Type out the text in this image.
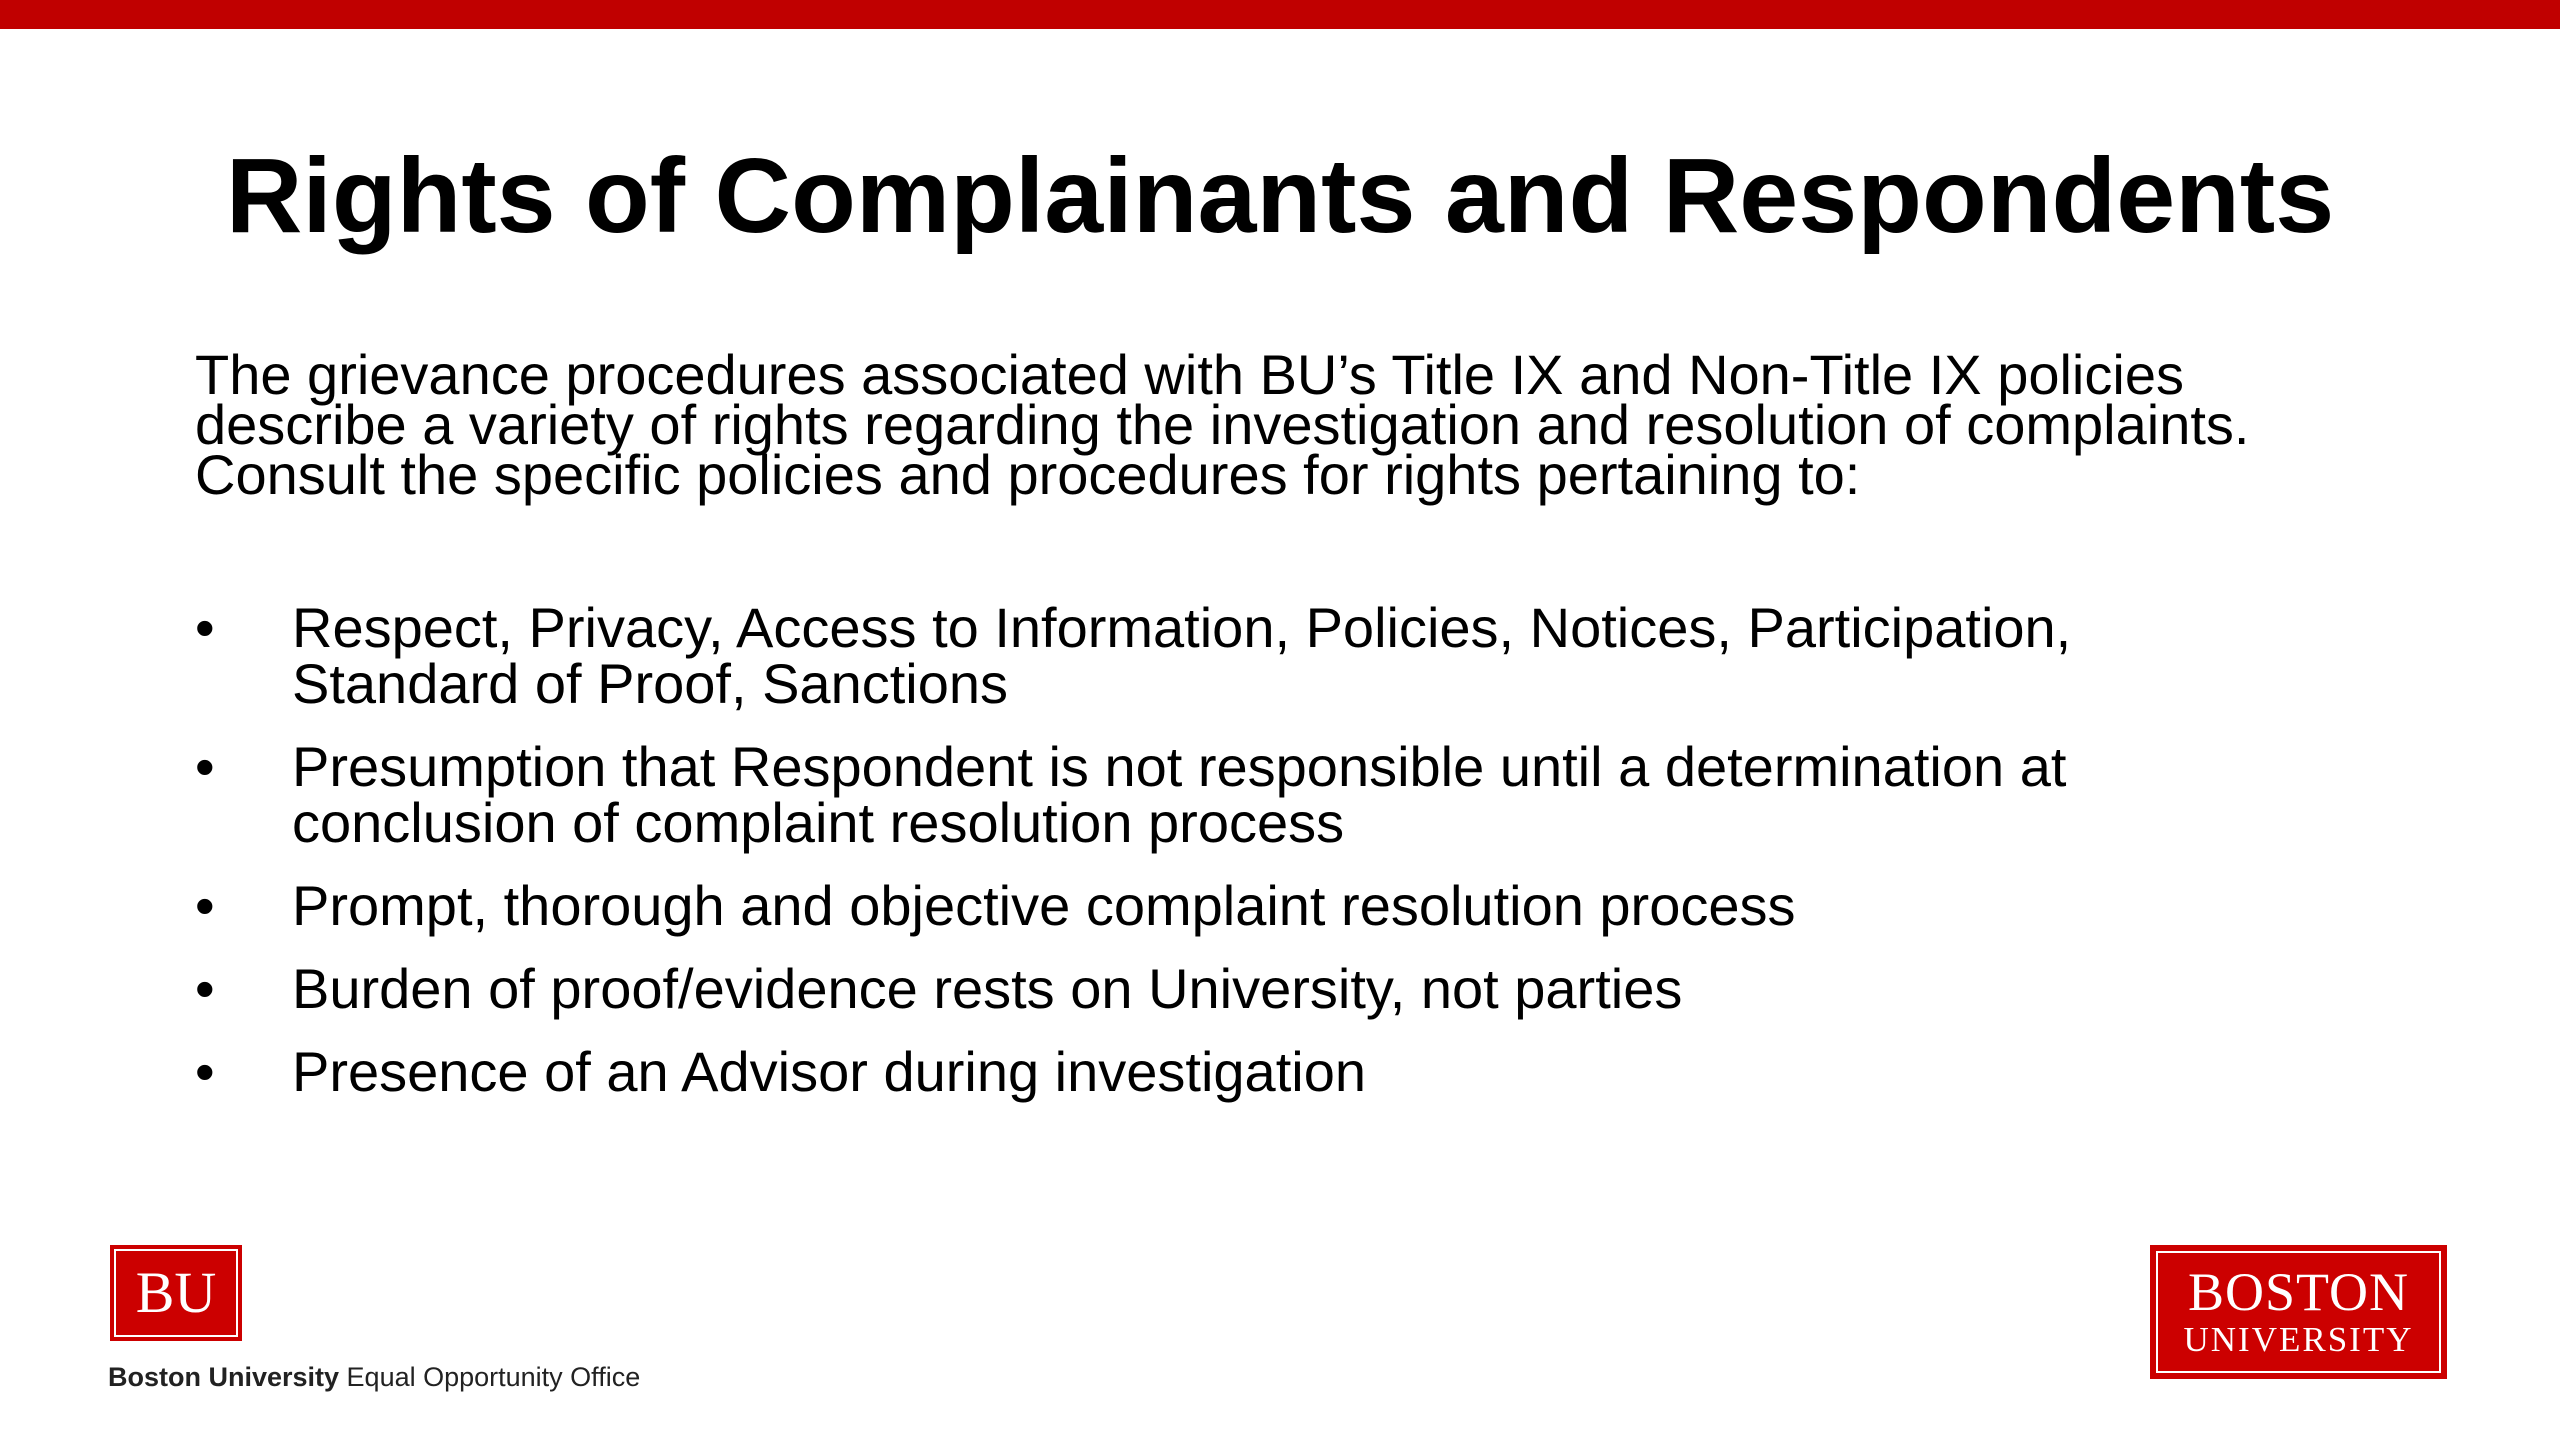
Rights of Complainants and Respondents
The grievance procedures associated with BU’s Title IX and Non-Title IX policies
describe a variety of rights regarding the investigation and resolution of complaints.
Consult the specific policies and procedures for rights pertaining to:
• Respect, Privacy, Access to Information, Policies, Notices, Participation,
Standard of Proof, Sanctions
• Presumption that Respondent is not responsible until a determination at
conclusion of complaint resolution process
• Prompt, thorough and objective complaint resolution process
• Burden of proof/evidence rests on University, not parties
• Presence of an Advisor during investigation
BU
Boston University Equal Opportunity Office
BOSTON
UNIVERSITY
